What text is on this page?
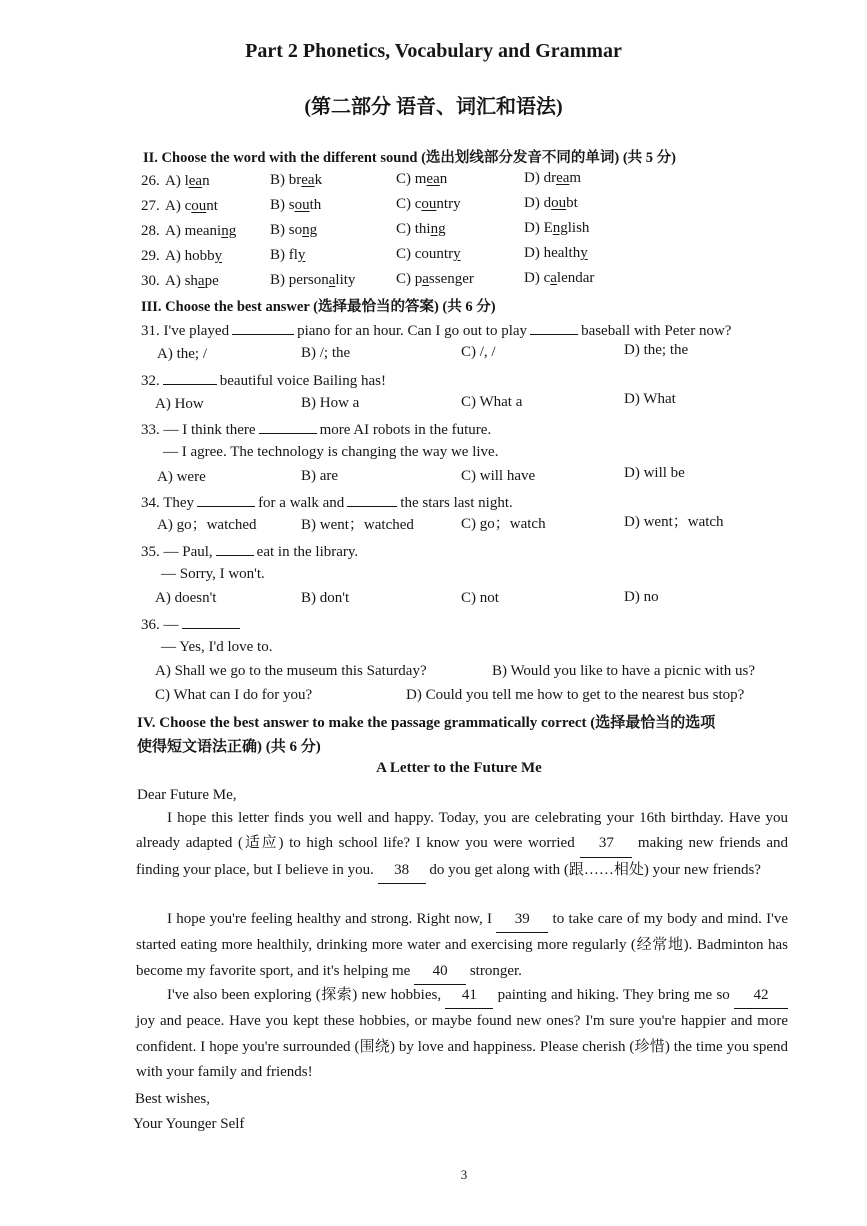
Part 2 Phonetics, Vocabulary and Grammar
(第二部分 语音、词汇和语法)
II. Choose the word with the different sound (选出划线部分发音不同的单词) (共 5 分)
26. A) lean	B) break	C) mean	D) dream
27. A) count	B) south	C) country	D) doubt
28. A) meaning B) song	C) thing	D) English
29. A) hobby	B) fly	C) country	D) healthy
30. A) shape	B) personality	C) passenger	D) calendar
III. Choose the best answer (选择最恰当的答案) (共 6 分)
31. I've played	piano for an hour. Can I go out to play	baseball with Peter now?
A) the; /	B) /; the	C) /, /	D) the; the
32.	beautiful voice Bailing has!
A) How	B) How a	C) What a	D) What
33. — I think there	more AI robots in the future.
— I agree. The technology is changing the way we live.
A) were	B) are	C) will have	D) will be
34. They	for a walk and	the stars last night.
A) go；watched	B) went；watched	C) go；watch	D) went；watch
35. — Paul,	eat in the library.
— Sorry, I won't.
A) doesn't	B) don't	C) not	D) no
36. —
— Yes, I'd love to.
A) Shall we go to the museum this Saturday?	B) Would you like to have a picnic with us?
C) What can I do for you?	D) Could you tell me how to get to the nearest bus stop?
IV. Choose the best answer to make the passage grammatically correct (选择最恰当的选项
使得短文语法正确) (共 6 分)
A Letter to the Future Me
Dear Future Me,
I hope this letter finds you well and happy. Today, you are celebrating your 16th birthday. Have you already adapted (适应) to high school life? I know you were worried 37 making new friends and finding your place, but I believe in you. 38 do you get along with (跟……相处) your new friends?
I hope you're feeling healthy and strong. Right now, I 39 to take care of my body and mind. I've started eating more healthily, drinking more water and exercising more regularly (经常地). Badminton has become my favorite sport, and it's helping me 40 stronger.
I've also been exploring (探索) new hobbies, 41 painting and hiking. They bring me so 42 joy and peace. Have you kept these hobbies, or maybe found new ones? I'm sure you're happier and more confident. I hope you're surrounded (围绕) by love and happiness. Please cherish (珍惜) the time you spend with your family and friends!
Best wishes,
Your Younger Self
3
